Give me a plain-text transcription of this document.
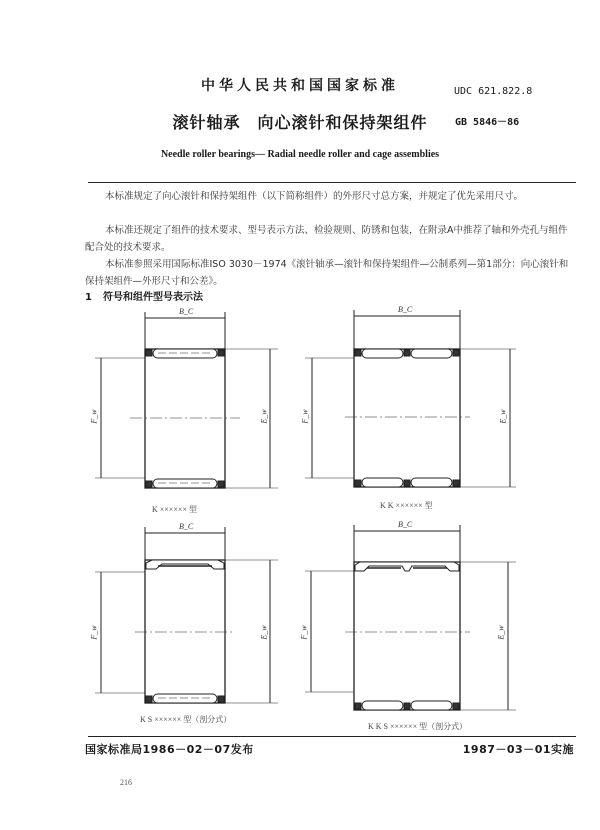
中华人民共和国国家标准	UDC 621.822.8
滚针轴承　向心滚针和保持架组件	GB 5846－86
Needle roller bearings— Radial needle roller and cage assemblies
本标准规定了向心滚针和保持架组件（以下简称组件）的外形尺寸总方案，并规定了优先采用尺寸。
本标准还规定了组件的技术要求、型号表示方法、检验规则、防锈和包装，在附录A中推荐了轴和外壳孔与组件配合处的技术要求。
本标准参照采用国际标准ISO 3030－1974《滚针轴承—滚针和保持架组件—公制系列—第1部分：向心滚针和保持架组件—外形尺寸和公差》。
1 符号和组件型号表示法
B_C
F_w	E_w
B_C
F_w	E_w
B_C
F_w	E_w
B_C
F_w	E_w
K ×××××× 型	K K ×××××× 型
K S ×××××× 型（剖分式）
K K S ×××××× 型（剖分式）
国家标准局1986－02－07发布	1987－03－01实施
216
